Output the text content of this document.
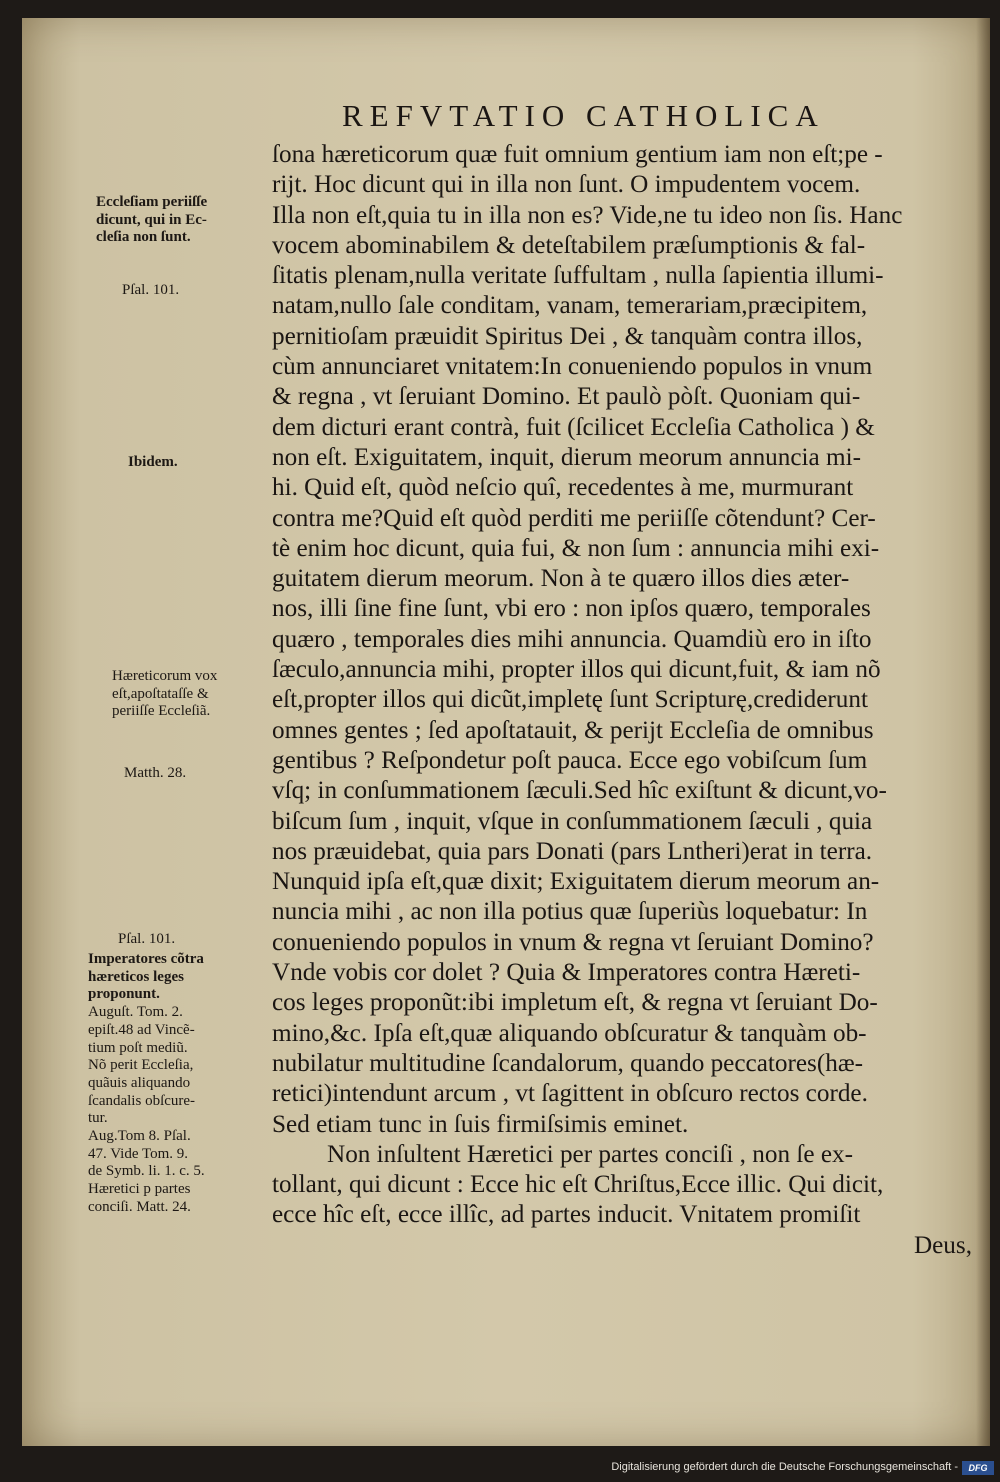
REFVTATIO CATHOLICA
Eccleſiam periiſſe
dicunt, qui in Ec-
cleſia non ſunt.
Pſal. 101.
Ibidem.
Hæreticorum vox
eſt,apoſtataſſe &
periiſſe Eccleſiã.
Matth. 28.
Pſal. 101.
Imperatores cõtra
hæreticos leges
proponunt.
Auguſt. Tom. 2.
epiſt.48 ad Vincẽ-
tium poſt mediũ.
Nõ perit Eccleſia,
quãuis aliquando
ſcandalis obſcure-
tur.
Aug.Tom 8. Pſal.
47. Vide Tom. 9.
de Symb. li. 1. c. 5.
Hæretici p partes
conciſi. Matt. 24.
ſona hæreticorum quæ fuit omnium gentium iam non eſt;pe -
rijt. Hoc dicunt qui in illa non ſunt. O impudentem vocem.
Illa non eſt,quia tu in illa non es? Vide,ne tu ideo non ſis. Hanc
vocem abominabilem & deteſtabilem præſumptionis & fal-
ſitatis plenam,nulla veritate ſuffultam , nulla ſapientia illumi-
natam,nullo ſale conditam, vanam, temerariam,præcipitem,
pernitioſam præuidit Spiritus Dei , & tanquàm contra illos,
cùm annunciaret vnitatem:In conueniendo populos in vnum
& regna , vt ſeruiant Domino. Et paulò pòſt. Quoniam qui-
dem dicturi erant contrà, fuit (ſcilicet Eccleſia Catholica ) &
non eſt. Exiguitatem, inquit, dierum meorum annuncia mi-
hi. Quid eſt, quòd neſcio quî, recedentes à me, murmurant
contra me?Quid eſt quòd perditi me periiſſe cõtendunt? Cer-
tè enim hoc dicunt, quia fui, & non ſum : annuncia mihi exi-
guitatem dierum meorum. Non à te quæro illos dies æter-
nos, illi ſine fine ſunt, vbi ero : non ipſos quæro, temporales
quæro , temporales dies mihi annuncia. Quamdiù ero in iſto
ſæculo,annuncia mihi, propter illos qui dicunt,fuit, & iam nõ
eſt,propter illos qui dicũt,impletę ſunt Scripturę,crediderunt
omnes gentes ; ſed apoſtatauit, & perijt Eccleſia de omnibus
gentibus ? Reſpondetur poſt pauca. Ecce ego vobiſcum ſum
vſq; in conſummationem ſæculi.Sed hîc exiſtunt & dicunt,vo-
biſcum ſum , inquit, vſque in conſummationem ſæculi , quia
nos præuidebat, quia pars Donati (pars Lntheri)erat in terra.
Nunquid ipſa eſt,quæ dixit; Exiguitatem dierum meorum an-
nuncia mihi , ac non illa potius quæ ſuperiùs loquebatur: In
conueniendo populos in vnum & regna vt ſeruiant Domino?
Vnde vobis cor dolet ? Quia & Imperatores contra Hæreti-
cos leges proponũt:ibi impletum eſt, & regna vt ſeruiant Do-
mino,&c. Ipſa eſt,quæ aliquando obſcuratur & tanquàm ob-
nubilatur multitudine ſcandalorum, quando peccatores(hæ-
retici)intendunt arcum , vt ſagittent in obſcuro rectos corde.
Sed etiam tunc in ſuis firmiſsimis eminet.
Non inſultent Hæretici per partes conciſi , non ſe ex-
tollant, qui dicunt : Ecce hic eſt Chriſtus,Ecce illic. Qui dicit,
ecce hîc eſt, ecce illîc, ad partes inducit. Vnitatem promiſit
Deus,
Digitalisierung gefördert durch die Deutsche Forschungsgemeinschaft -	DFG
